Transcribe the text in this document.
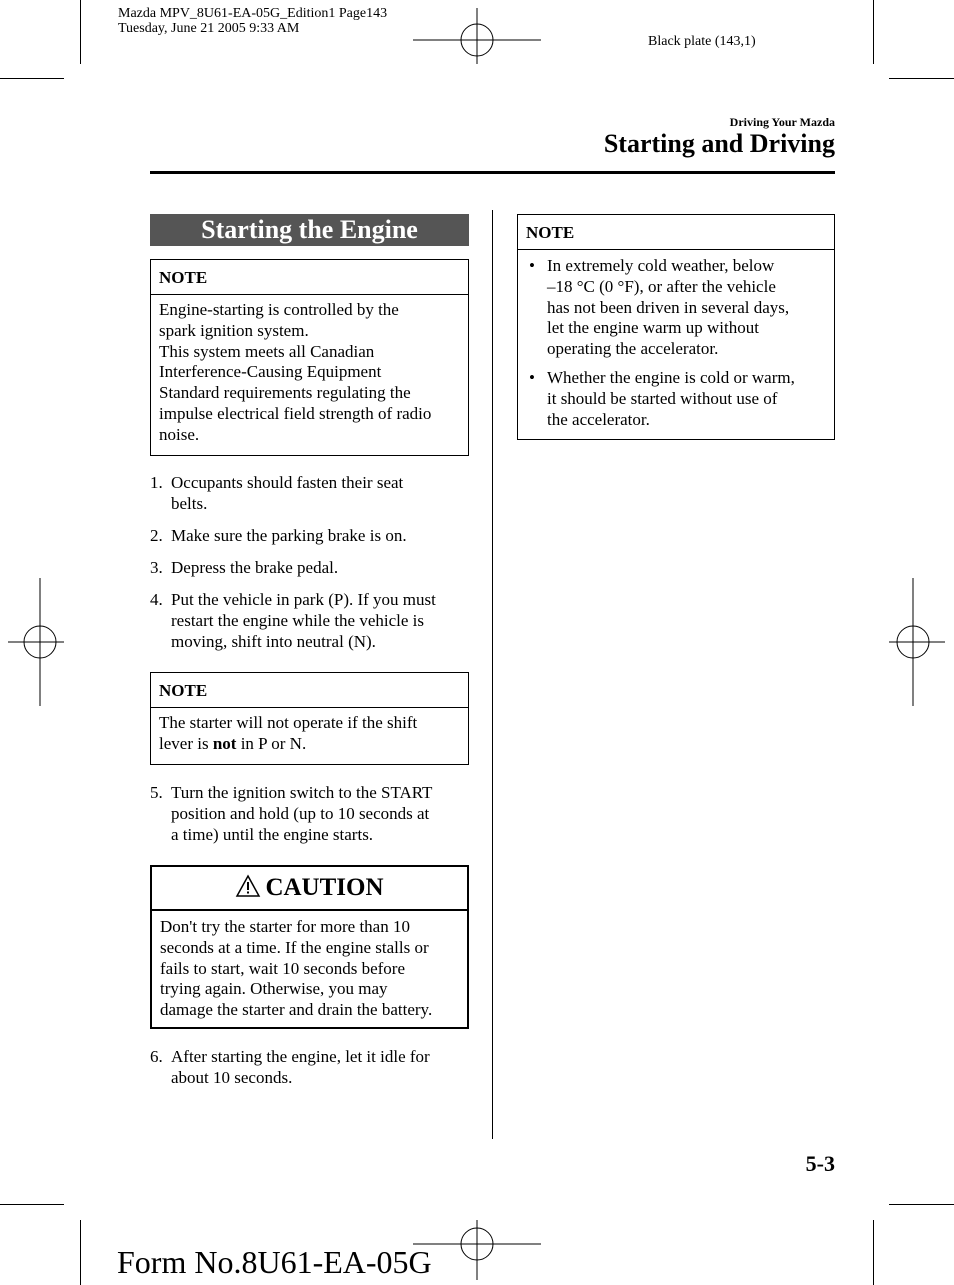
Mazda MPV_8U61-EA-05G_Edition1 Page143
Tuesday, June 21 2005 9:33 AM
Black plate (143,1)
Driving Your Mazda
Starting and Driving
Starting the Engine
NOTE
Engine-starting is controlled by the
spark ignition system.
This system meets all Canadian
Interference-Causing Equipment
Standard requirements regulating the
impulse electrical field strength of radio
noise.
1. Occupants should fasten their seat
belts.
2. Make sure the parking brake is on.
3. Depress the brake pedal.
4. Put the vehicle in park (P). If you must
restart the engine while the vehicle is
moving, shift into neutral (N).
NOTE
The starter will not operate if the shift
lever is not in P or N.
5. Turn the ignition switch to the START
position and hold (up to 10 seconds at
a time) until the engine starts.
CAUTION
Don't try the starter for more than 10
seconds at a time. If the engine stalls or
fails to start, wait 10 seconds before
trying again. Otherwise, you may
damage the starter and drain the battery.
6. After starting the engine, let it idle for
about 10 seconds.
NOTE
• In extremely cold weather, below
–18 °C (0 °F), or after the vehicle
has not been driven in several days,
let the engine warm up without
operating the accelerator.
• Whether the engine is cold or warm,
it should be started without use of
the accelerator.
5-3
Form No.8U61-EA-05G
